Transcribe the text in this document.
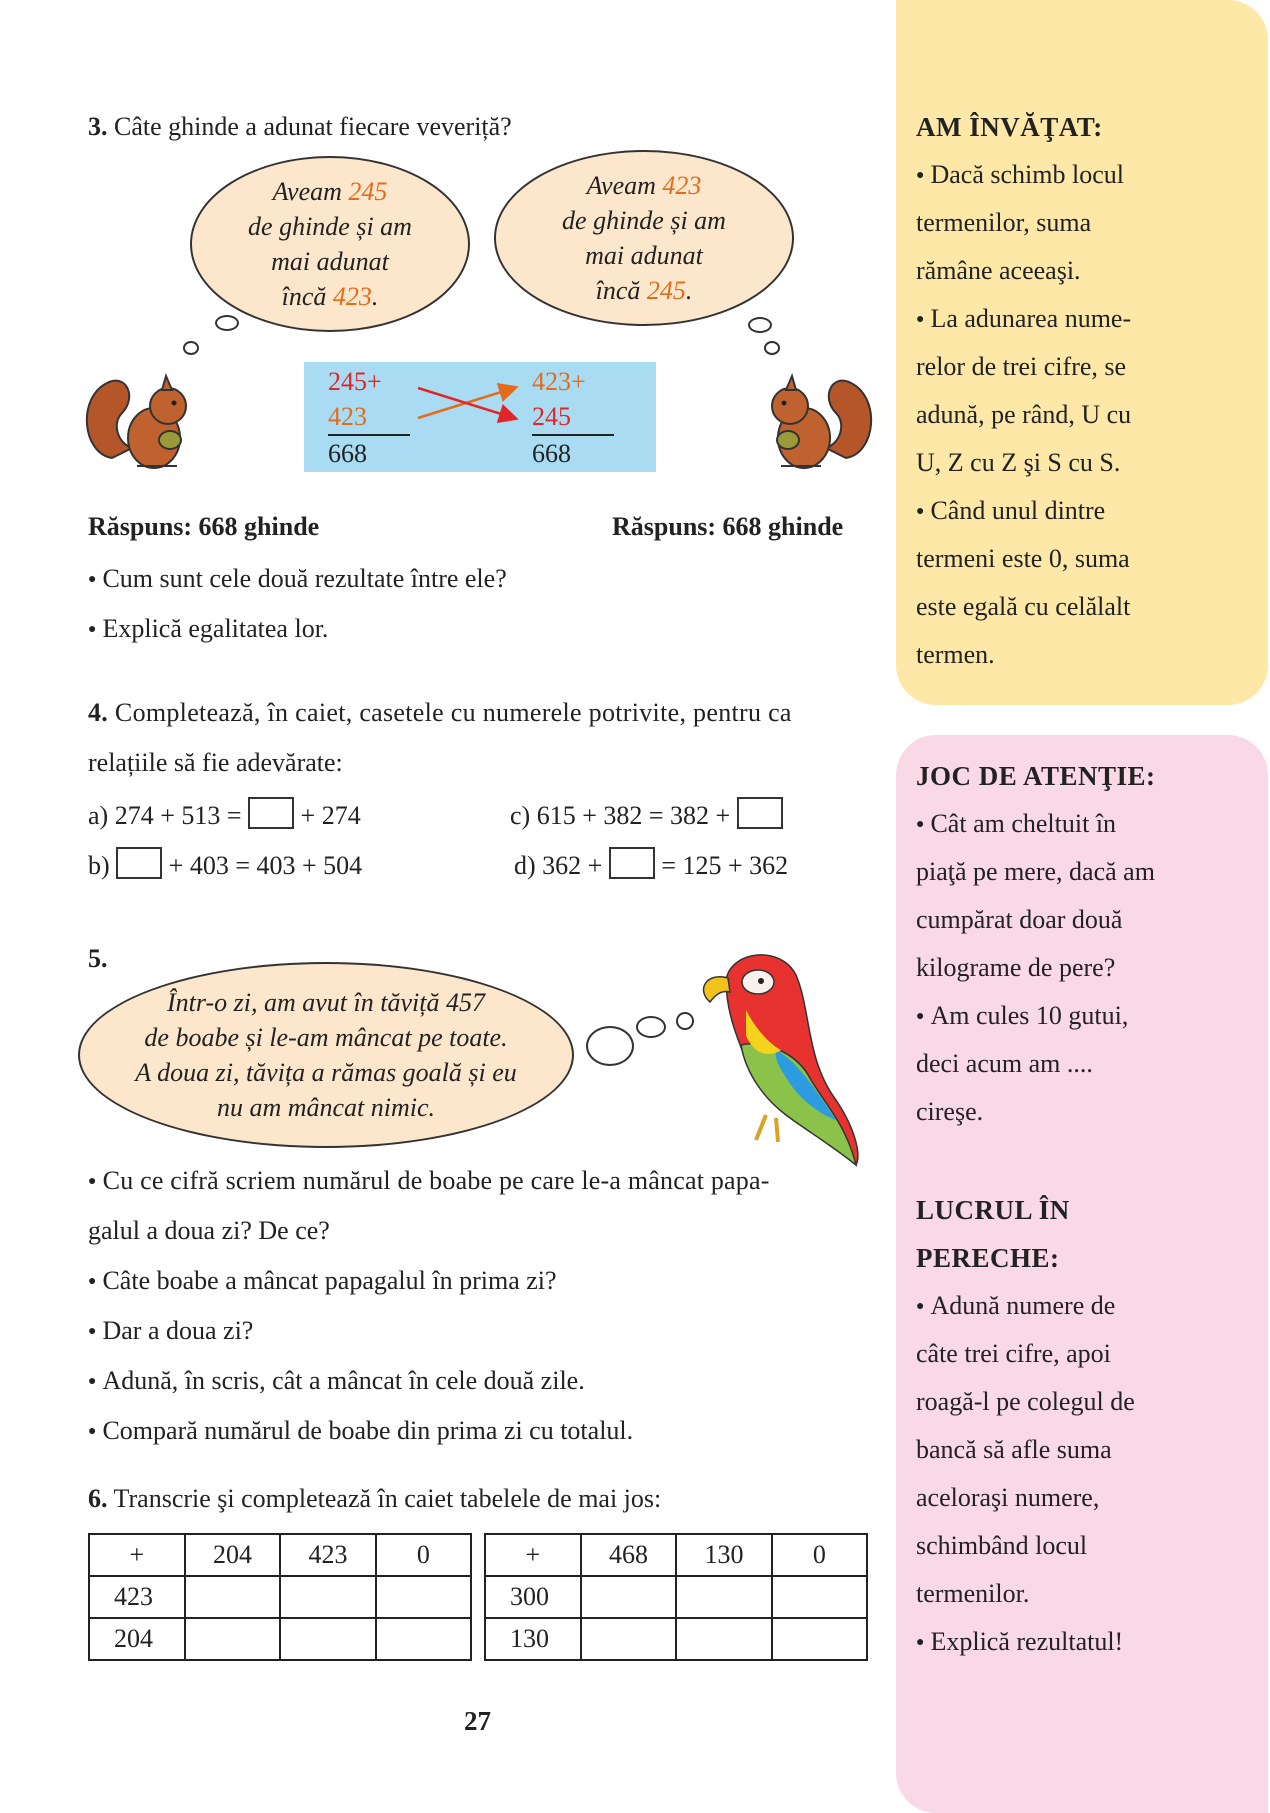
3. Câte ghinde a adunat fiecare veveriță?
Aveam 245
de ghinde și am
mai adunat
încă 423.
Aveam 423
de ghinde și am
mai adunat
încă 245.
245+
423
668
423+
245
668
Răspuns: 668 ghinde	Răspuns: 668 ghinde
● Cum sunt cele două rezultate între ele?
● Explică egalitatea lor.
4. Completează, în caiet, casetele cu numerele potrivite, pentru ca
relațiile să fie adevărate:
a) 274 + 513 =  + 274	c) 615 + 382 = 382 +
b)  + 403 = 403 + 504	d) 362 +  = 125 + 362
5.
Într-o zi, am avut în tăviță 457
de boabe și le-am mâncat pe toate.
A doua zi, tăvița a rămas goală și eu
nu am mâncat nimic.
● Cu ce cifră scriem numărul de boabe pe care le-a mâncat papa-
galul a doua zi? De ce?
● Câte boabe a mâncat papagalul în prima zi?
● Dar a doua zi?
● Adună, în scris, cât a mâncat în cele două zile.
● Compară numărul de boabe din prima zi cu totalul.
6. Transcrie şi completează în caiet tabelele de mai jos:
+	204	423	0
423			
204			
+	468	130	0
300			
130			
27
AM ÎNVĂŢAT:
● Dacă schimb locul
termenilor, suma
rămâne aceeaşi.
● La adunarea nume-
relor de trei cifre, se
adună, pe rând, U cu
U, Z cu Z şi S cu S.
● Când unul dintre
termeni este 0, suma
este egală cu celălalt
termen.
JOC DE ATENŢIE:
● Cât am cheltuit în
piaţă pe mere, dacă am
cumpărat doar două
kilograme de pere?
● Am cules 10 gutui,
deci acum am ....
cireşe.
LUCRUL ÎN
PERECHE:
● Adună numere de
câte trei cifre, apoi
roagă-l pe colegul de
bancă să afle suma
aceloraşi numere,
schimbând locul
termenilor.
● Explică rezultatul!
